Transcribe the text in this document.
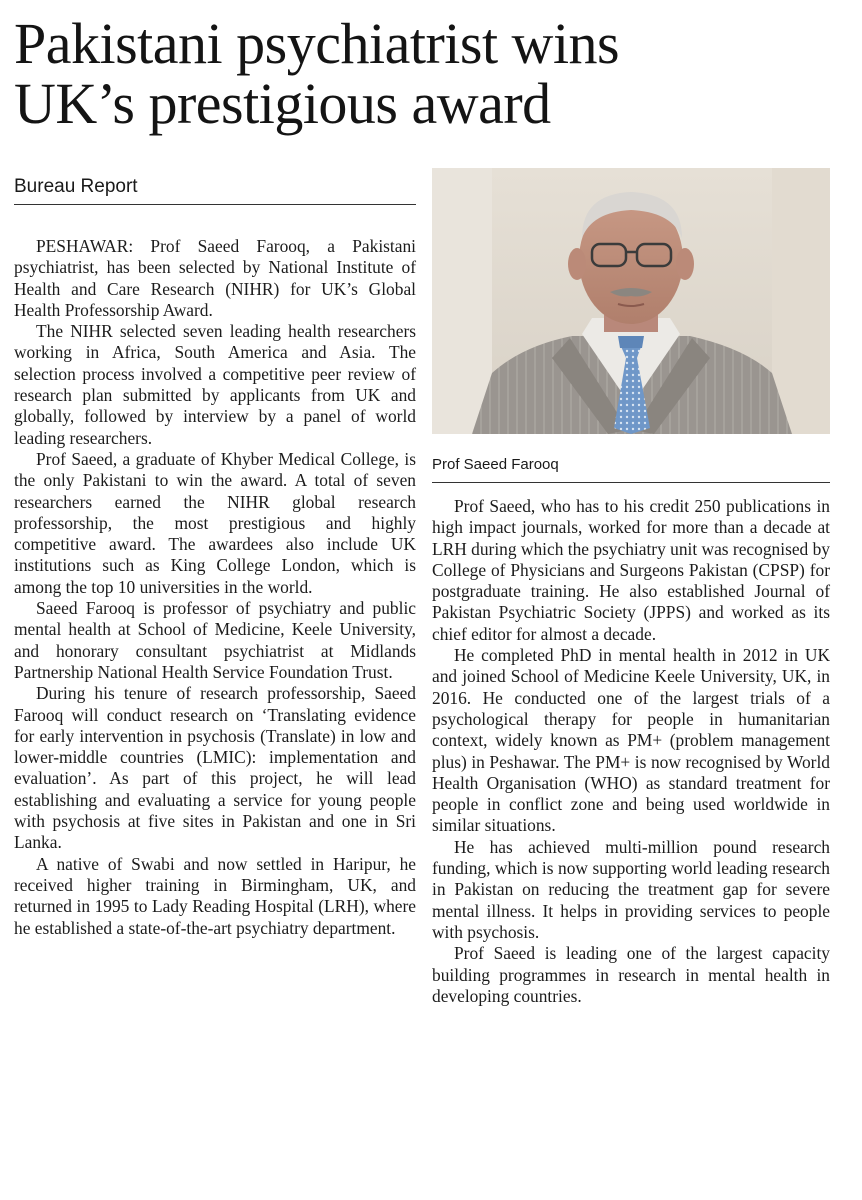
Pakistani psychiatrist wins
UK’s prestigious award
Bureau Report

PESHAWAR: Prof Saeed Farooq, a Pakistani psychiatrist, has been selected by National Institute of Health and Care Research (NIHR) for UK’s Global Health Professorship Award.

The NIHR selected seven leading health researchers working in Africa, South America and Asia. The selection process involved a competitive peer review of research plan submitted by applicants from UK and globally, followed by interview by a panel of world leading researchers.

Prof Saeed, a graduate of Khyber Medical College, is the only Pakistani to win the award. A total of seven researchers earned the NIHR global research professorship, the most prestigious and highly competitive award. The awardees also include UK institutions such as King College London, which is among the top 10 universities in the world.

Saeed Farooq is professor of psychiatry and public mental health at School of Medicine, Keele University, and honorary consultant psychiatrist at Midlands Partnership National Health Service Foundation Trust.

During his tenure of research professorship, Saeed Farooq will conduct research on ‘Translating evidence for early intervention in psychosis (Translate) in low and lower-middle countries (LMIC): implementation and evaluation’. As part of this project, he will lead establishing and evaluating a service for young people with psychosis at five sites in Pakistan and one in Sri Lanka.

A native of Swabi and now settled in Haripur, he received higher training in Birmingham, UK, and returned in 1995 to Lady Reading Hospital (LRH), where he established a state-of-the-art psychiatry department.

Prof Saeed Farooq

Prof Saeed, who has to his credit 250 publications in high impact journals, worked for more than a decade at LRH during which the psychiatry unit was recognised by College of Physicians and Surgeons Pakistan (CPSP) for postgraduate training. He also established Journal of Pakistan Psychiatric Society (JPPS) and worked as its chief editor for almost a decade.

He completed PhD in mental health in 2012 in UK and joined School of Medicine Keele University, UK, in 2016. He conducted one of the largest trials of a psychological therapy for people in humanitarian context, widely known as PM+ (problem management plus) in Peshawar. The PM+ is now recognised by World Health Organisation (WHO) as standard treatment for people in conflict zone and being used worldwide in similar situations.

He has achieved multi-million pound research funding, which is now supporting world leading research in Pakistan on reducing the treatment gap for severe mental illness. It helps in providing services to people with psychosis.

Prof Saeed is leading one of the largest capacity building programmes in research in mental health in developing countries.
